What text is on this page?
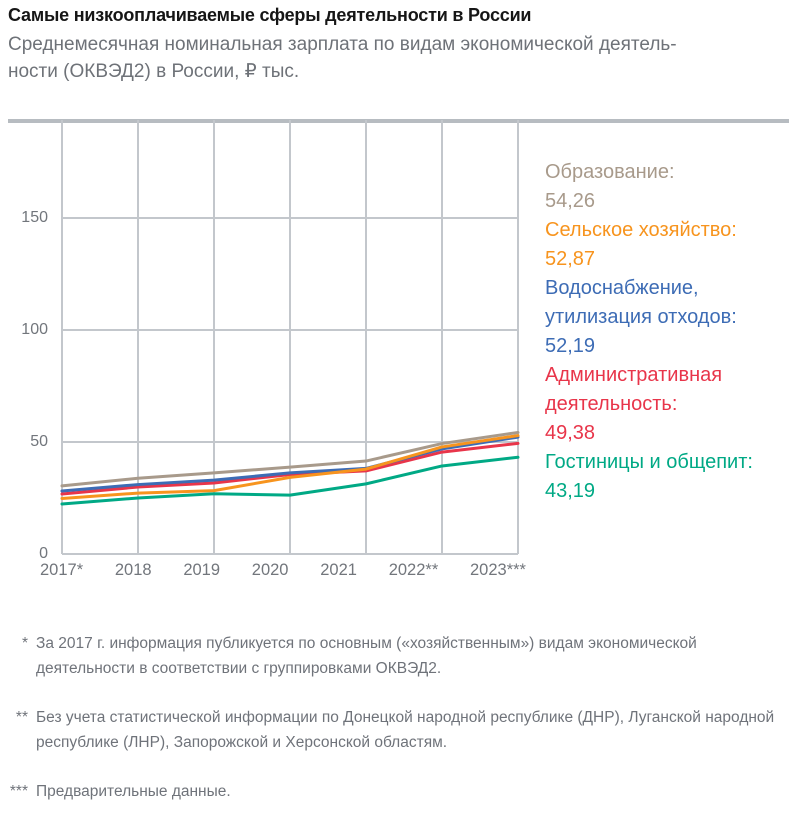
Самые низкооплачиваемые сферы деятельности в России
Среднемесячная номинальная зарплата по видам экономической деятель-
ности (ОКВЭД2) в России, ₽ тыс.
0
50
100
150
2017* 2018 2019 2020 2021 2022** 2023***
Образование:
54,26
Сельское хозяйство:
52,87
Водоснабжение, утилизация отходов:
52,19
Административная деятельность:
49,38
Гостиницы и общепит:
43,19
* За 2017 г. информация публикуется по основным («хозяйственным») видам экономической деятельности в соответствии с группировками ОКВЭД2.
** Без учета статистической информации по Донецкой народной республике (ДНР), Луганской народной республике (ЛНР), Запорожской и Херсонской областям.
*** Предварительные данные.
